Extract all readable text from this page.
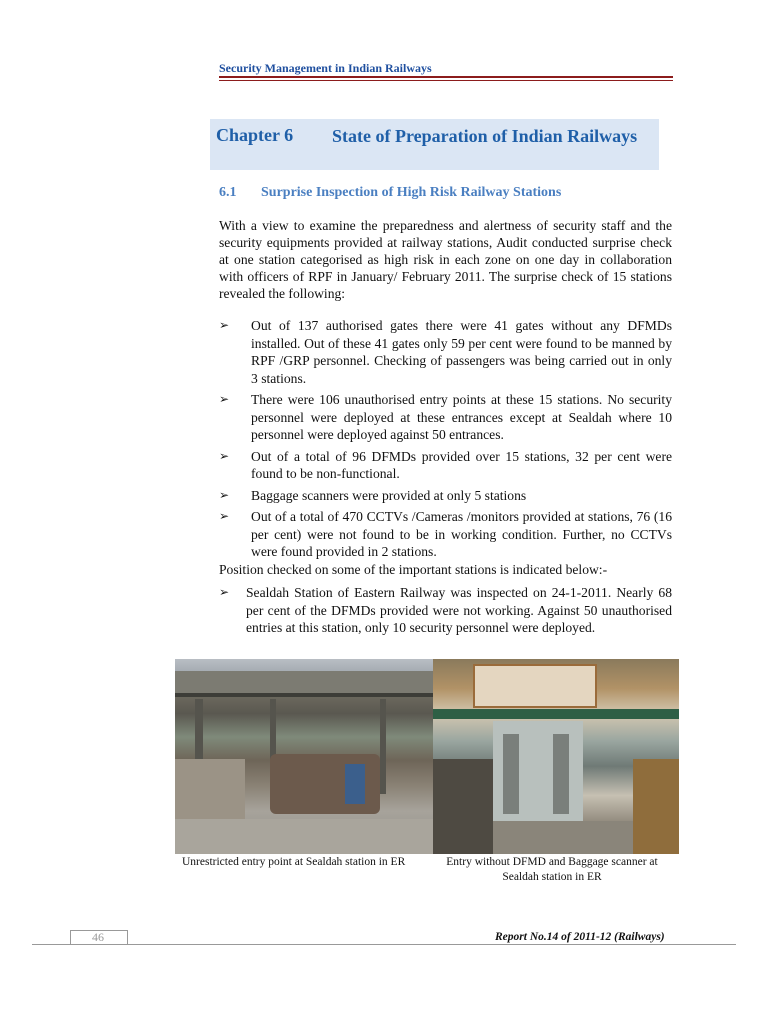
Security Management in Indian Railways
Chapter 6 State of Preparation of Indian Railways
6.1 Surprise Inspection of High Risk Railway Stations

With a view to examine the preparedness and alertness of security staff and the security equipments provided at railway stations, Audit conducted surprise check at one station categorised as high risk in each zone on one day in collaboration with officers of RPF in January/ February 2011. The surprise check of 15 stations revealed the following:

➢ Out of 137 authorised gates there were 41 gates without any DFMDs installed. Out of these 41 gates only 59 per cent were found to be manned by RPF /GRP personnel. Checking of passengers was being carried out in only 3 stations.
➢ There were 106 unauthorised entry points at these 15 stations. No security personnel were deployed at these entrances except at Sealdah where 10 personnel were deployed against 50 entrances.
➢ Out of a total of 96 DFMDs provided over 15 stations, 32 per cent were found to be non-functional.
➢ Baggage scanners were provided at only 5 stations
➢ Out of a total of 470 CCTVs /Cameras /monitors provided at stations, 76 (16 per cent) were not found to be in working condition. Further, no CCTVs were found provided in 2 stations.
Position checked on some of the important stations is indicated below:-
➢ Sealdah Station of Eastern Railway was inspected on 24-1-2011. Nearly 68 per cent of the DFMDs provided were not working. Against 50 unauthorised entries at this station, only 10 security personnel were deployed.
Unrestricted entry point at Sealdah station in ER	Entry without DFMD and Baggage scanner at Sealdah station in ER
46	Report No.14 of 2011-12 (Railways)
